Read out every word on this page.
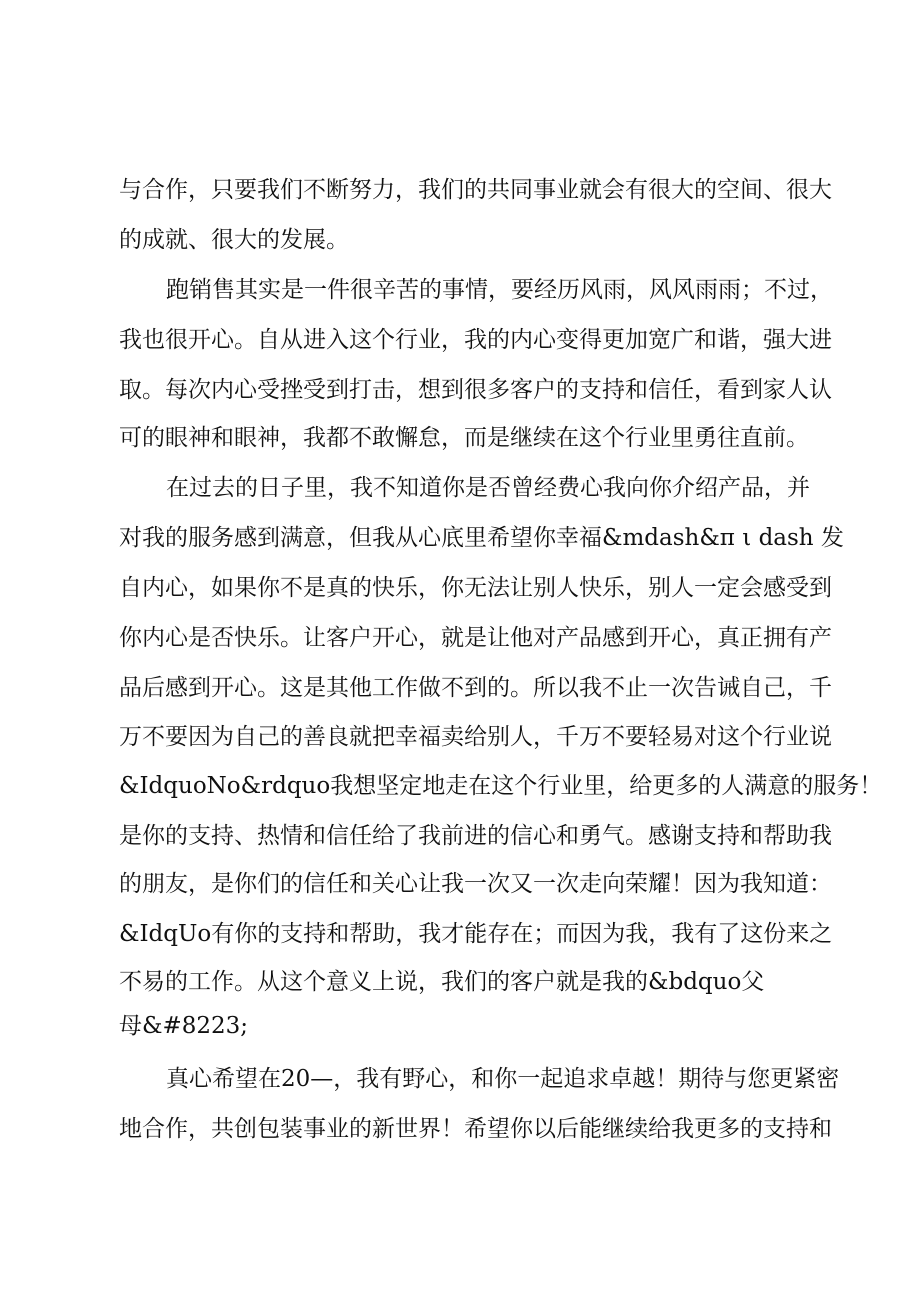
与合作，只要我们不断努力，我们的共同事业就会有很大的空间、很大
的成就、很大的发展。
跑销售其实是一件很辛苦的事情，要经历风雨，风风雨雨；不过，
我也很开心。自从进入这个行业，我的内心变得更加宽广和谐，强大进
取。每次内心受挫受到打击，想到很多客户的支持和信任，看到家人认
可的眼神和眼神，我都不敢懈怠，而是继续在这个行业里勇往直前。
在过去的日子里，我不知道你是否曾经费心我向你介绍产品，并
对我的服务感到满意，但我从心底里希望你幸福&mdash&π ι dash 发
自内心，如果你不是真的快乐，你无法让别人快乐，别人一定会感受到
你内心是否快乐。让客户开心，就是让他对产品感到开心，真正拥有产
品后感到开心。这是其他工作做不到的。所以我不止一次告诫自己，千
万不要因为自己的善良就把幸福卖给别人，千万不要轻易对这个行业说
&IdquoNo&rdquo我想坚定地走在这个行业里，给更多的人满意的服务！
是你的支持、热情和信任给了我前进的信心和勇气。感谢支持和帮助我
的朋友，是你们的信任和关心让我一次又一次走向荣耀！因为我知道：
&IdqUo有你的支持和帮助，我才能存在；而因为我，我有了这份来之
不易的工作。从这个意义上说，我们的客户就是我的&bdquo父
母&#8223;
真心希望在20—，我有野心，和你一起追求卓越！期待与您更紧密
地合作，共创包装事业的新世界！希望你以后能继续给我更多的支持和
